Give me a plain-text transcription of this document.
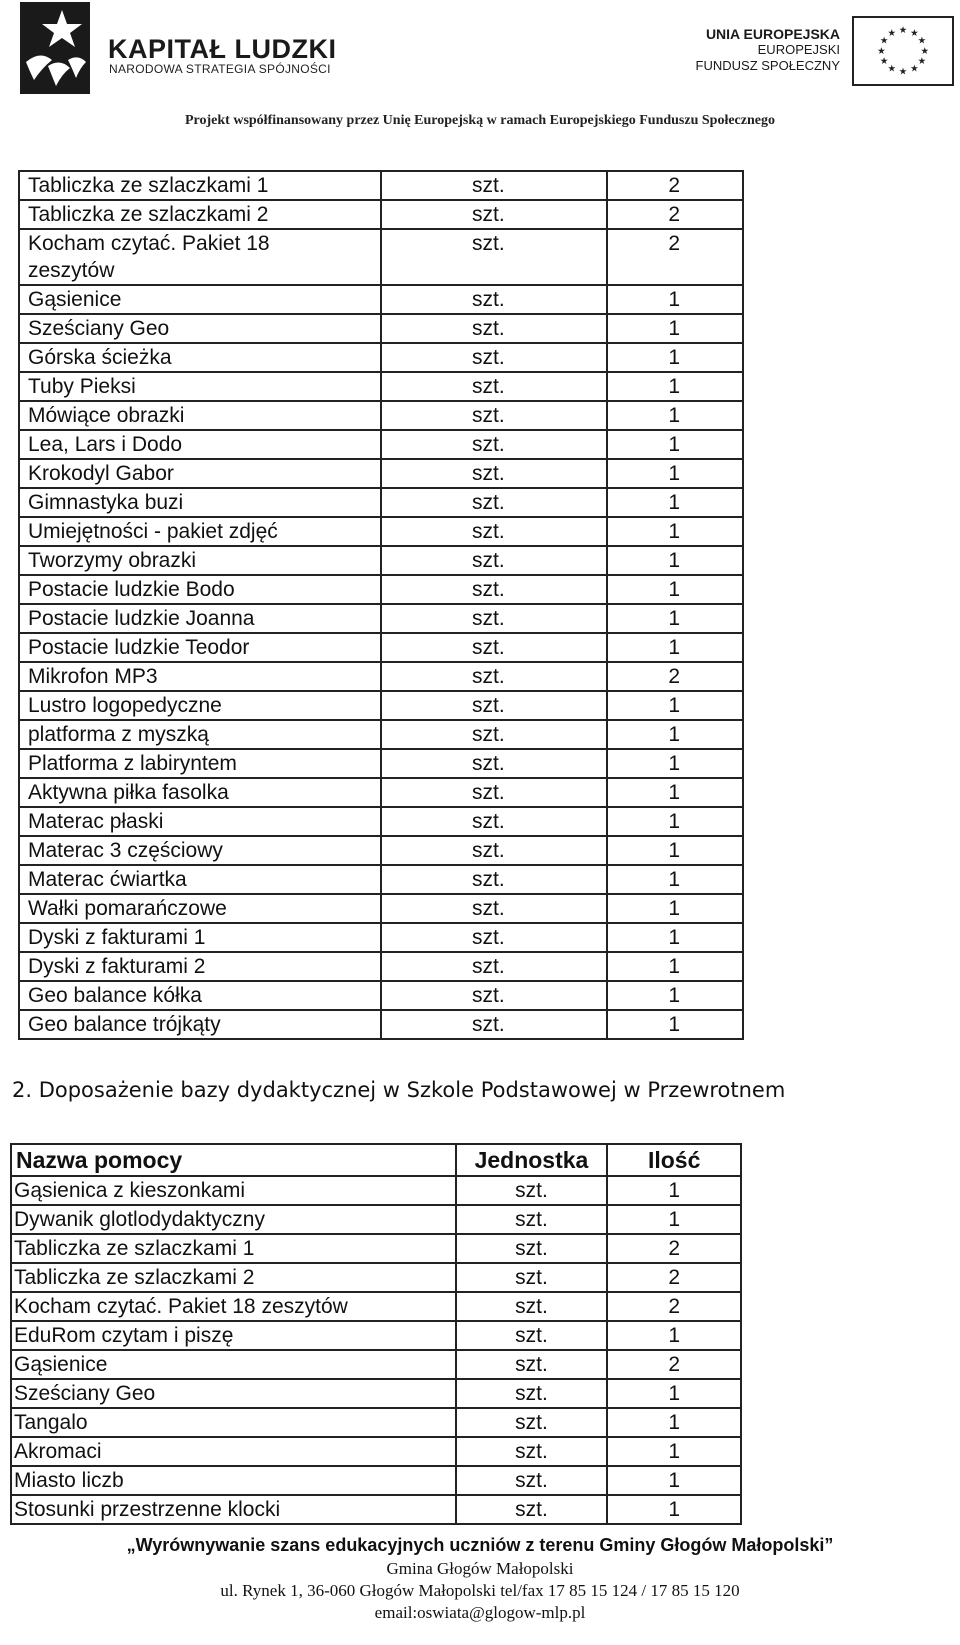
KAPITAŁ LUDZKI
NARODOWA STRATEGIA SPÓJNOŚCI
UNIA EUROPEJSKA
EUROPEJSKI
FUNDUSZ SPOŁECZNY
★ ★
★
★
★
★
★
★
★
★
★
★
Projekt współfinansowany przez Unię Europejską w ramach Europejskiego Funduszu Społecznego
Tabliczka ze szlaczkami 1	szt.	2
Tabliczka ze szlaczkami 2	szt.	2
Kocham czytać. Pakiet 18 zeszytów	szt.	2
Gąsienice	szt.	1
Sześciany Geo	szt.	1
Górska ścieżka	szt.	1
Tuby Pieksi	szt.	1
Mówiące obrazki	szt.	1
Lea, Lars i Dodo	szt.	1
Krokodyl Gabor	szt.	1
Gimnastyka buzi	szt.	1
Umiejętności - pakiet zdjęć	szt.	1
Tworzymy obrazki	szt.	1
Postacie ludzkie Bodo	szt.	1
Postacie ludzkie Joanna	szt.	1
Postacie ludzkie Teodor	szt.	1
Mikrofon MP3	szt.	2
Lustro logopedyczne	szt.	1
platforma z myszką	szt.	1
Platforma z labiryntem	szt.	1
Aktywna piłka fasolka	szt.	1
Materac płaski	szt.	1
Materac 3 częściowy	szt.	1
Materac ćwiartka	szt.	1
Wałki pomarańczowe	szt.	1
Dyski z fakturami 1	szt.	1
Dyski z fakturami 2	szt.	1
Geo balance kółka	szt.	1
Geo balance trójkąty	szt.	1
2. Doposażenie bazy dydaktycznej w Szkole Podstawowej w Przewrotnem
Nazwa pomocy	Jednostka	Ilość
Gąsienica z kieszonkami	szt.	1
Dywanik glotlodydaktyczny	szt.	1
Tabliczka ze szlaczkami 1	szt.	2
Tabliczka ze szlaczkami 2	szt.	2
Kocham czytać. Pakiet 18 zeszytów	szt.	2
EduRom czytam i piszę	szt.	1
Gąsienice	szt.	2
Sześciany Geo	szt.	1
Tangalo	szt.	1
Akromaci	szt.	1
Miasto liczb	szt.	1
Stosunki przestrzenne klocki	szt.	1
„Wyrównywanie szans edukacyjnych uczniów z terenu Gminy Głogów Małopolski”
Gmina Głogów Małopolski
ul. Rynek 1, 36-060 Głogów Małopolski tel/fax 17 85 15 124 / 17 85 15 120
email:oswiata@glogow-mlp.pl
